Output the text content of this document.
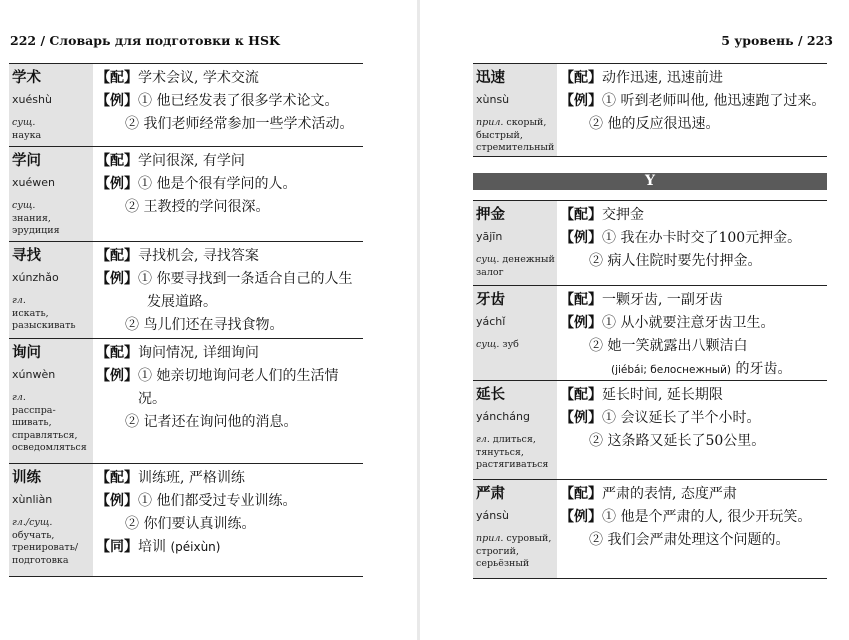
222 / Словарь для подготовки к HSK
学术
xuéshù
сущ.
наука
【配】 学术会议, 学术交流
【例】 ① 他已经发表了很多学术论文。
② 我们老师经常参加一些学术活动。
学问
xuéwen
сущ.
знания, эрудиция
【配】 学问很深, 有学问
【例】 ① 他是个很有学问的人。
② 王教授的学问很深。
寻找
xúnzhǎo
гл.
искать, разыскивать
【配】 寻找机会, 寻找答案
【例】 ① 你要寻找到一条适合自己的人生
发展道路。
② 鸟儿们还在寻找食物。
询问
xúnwèn
гл.
расспра-шивать, справляться, осведомляться
【配】 询问情况, 详细询问
【例】 ① 她亲切地询问老人们的生活情况。
② 记者还在询问他的消息。
训练
xùnliàn
гл./сущ.
обучать, тренировать/ подготовка
【配】 训练班, 严格训练
【例】 ① 他们都受过专业训练。
② 你们要认真训练。
【同】 培训 (péixùn)
5 уровень / 223
迅速
xùnsù
прил. скорый, быстрый, стремительный
【配】 动作迅速, 迅速前进
【例】 ① 听到老师叫他, 他迅速跑了过来。
② 他的反应很迅速。
Y
押金
yājīn
сущ. денежный залог
【配】 交押金
【例】 ① 我在办卡时交了100元押金。
② 病人住院时要先付押金。
牙齿
yáchǐ
сущ. зуб
【配】 一颗牙齿, 一副牙齿
【例】 ① 从小就要注意牙齿卫生。
② 她一笑就露出八颗洁白
(jiébái; белоснежный) 的牙齿。
延长
yáncháng
гл. длиться, тянуться, растягиваться
【配】 延长时间, 延长期限
【例】 ① 会议延长了半个小时。
② 这条路又延长了50公里。
严肃
yánsù
прил. суровый, строгий, серьёзный
【配】 严肃的表情, 态度严肃
【例】 ① 他是个严肃的人, 很少开玩笑。
② 我们会严肃处理这个问题的。
